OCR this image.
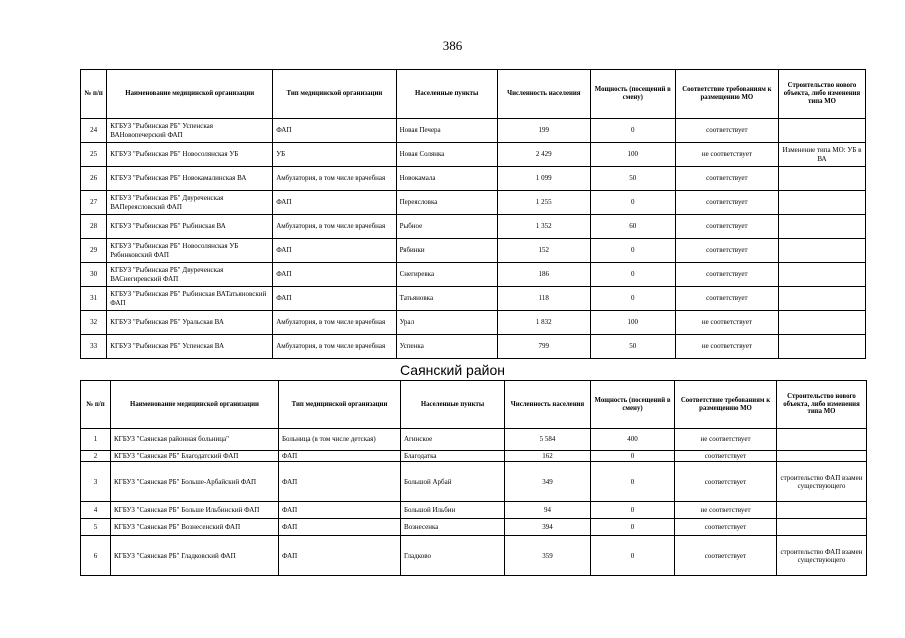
386
№ п/п	Наименование медицинской организации	Тип медицинской организации	Населенные пункты	Численность населения	Мощность (посещений в смену)	Соответствие требованиям к размещению МО	Строительство нового объекта, либо изменения типа МО
24	КГБУЗ "Рыбинская РБ" Успенская ВАНовопечерский ФАП	ФАП	Новая Печера	199	0	соответствует	
25	КГБУЗ "Рыбинская РБ" Новосолянская УБ	УБ	Новая Солянка	2 429	100	не соответствует	Изменение типа МО: УБ в ВА
26	КГБУЗ "Рыбинская РБ" Новокамалинская ВА	Амбулатория, в том числе врачебная	Новокамала	1 099	50	соответствует	
27	КГБУЗ "Рыбинская РБ" Двуреченская ВАПереясловский ФАП	ФАП	Переясловка	1 255	0	соответствует	
28	КГБУЗ "Рыбинская РБ" Рыбинская ВА	Амбулатория, в том числе врачебная	Рыбное	1 352	60	соответствует	
29	КГБУЗ "Рыбинская РБ" Новосолянская УБ Рябинковский ФАП	ФАП	Рябинки	152	0	соответствует	
30	КГБУЗ "Рыбинская РБ" Двуреченская ВАСнегиревский ФАП	ФАП	Снегиревка	186	0	соответствует	
31	КГБУЗ "Рыбинская РБ" Рыбинская ВАТатьяновский ФАП	ФАП	Татьяновка	118	0	соответствует	
32	КГБУЗ "Рыбинская РБ" Уральская ВА	Амбулатория, в том числе врачебная	Урал	1 832	100	не соответствует	
33	КГБУЗ "Рыбинская РБ" Успенская ВА	Амбулатория, в том числе врачебная	Успенка	799	50	не соответствует	
Саянский район
№ п/п	Наименование медицинской организации	Тип медицинской организации	Населенные пункты	Численность населения	Мощность (посещений в смену)	Соответствие требованиям к размещению МО	Строительство нового объекта, либо изменения типа МО
1	КГБУЗ "Саянская районная больница"	Больница (в том числе детская)	Агинское	5 584	400	не соответствует	
2	КГБУЗ "Саянская РБ" Благодатский ФАП	ФАП	Благодатка	162	0	соответствует	
3	КГБУЗ "Саянская РБ" Больше-Арбайский ФАП	ФАП	Большой Арбай	349	0	соответствует	строительство ФАП взамен существующего
4	КГБУЗ "Саянская РБ" Больше Ильбинский ФАП	ФАП	Большой Ильбин	94	0	не соответствует	
5	КГБУЗ "Саянская РБ" Вознесенский ФАП	ФАП	Вознесенка	394	0	соответствует	
6	КГБУЗ "Саянская РБ" Гладковский ФАП	ФАП	Гладково	359	0	соответствует	строительство ФАП взамен существующего
